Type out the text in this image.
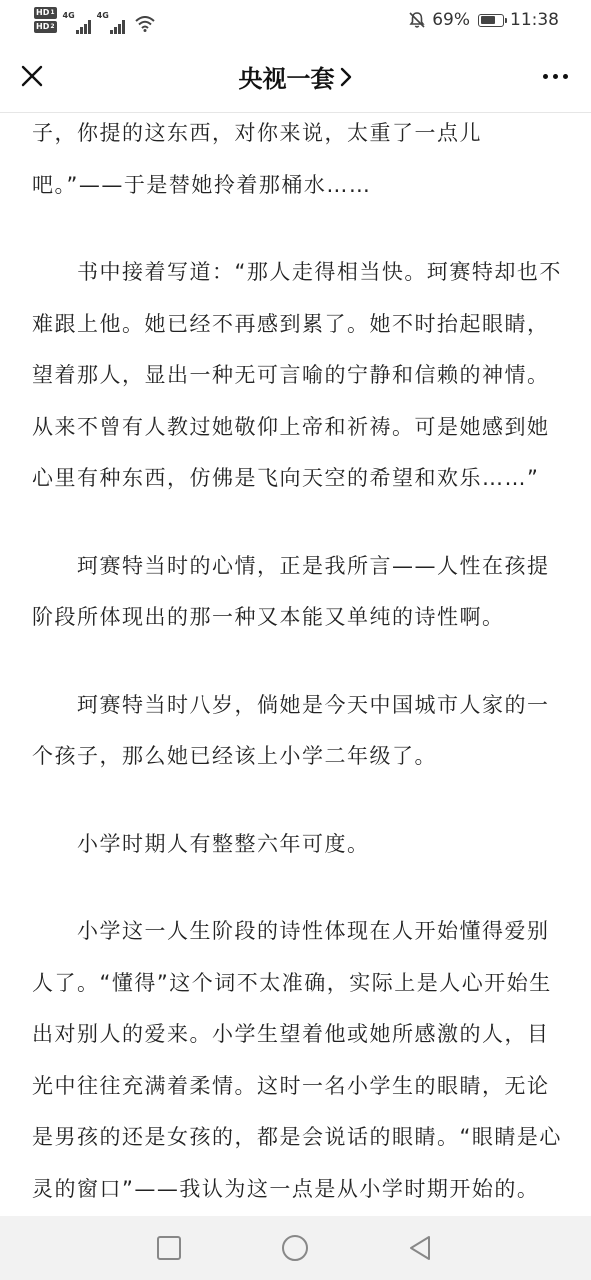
HD 1
HD 2
4G	4G	69% 11:38
央视一套

子，你提的这东西，对你来说，太重了一点儿吧。”——于是替她拎着那桶水……

　　书中接着写道：“那人走得相当快。珂赛特却也不难跟上他。她已经不再感到累了。她不时抬起眼睛，望着那人，显出一种无可言喻的宁静和信赖的神情。从来不曾有人教过她敬仰上帝和祈祷。可是她感到她心里有种东西，仿佛是飞向天空的希望和欢乐……”

　　珂赛特当时的心情，正是我所言——人性在孩提阶段所体现出的那一种又本能又单纯的诗性啊。

　　珂赛特当时八岁，倘她是今天中国城市人家的一个孩子，那么她已经该上小学二年级了。

　　小学时期人有整整六年可度。

　　小学这一人生阶段的诗性体现在人开始懂得爱别人了。“懂得”这个词不太准确，实际上是人心开始生出对别人的爱来。小学生望着他或她所感激的人，目光中往往充满着柔情。这时一名小学生的眼睛，无论是男孩的还是女孩的，都是会说话的眼睛。“眼睛是心灵的窗口”——我认为这一点是从小学时期开始的。
